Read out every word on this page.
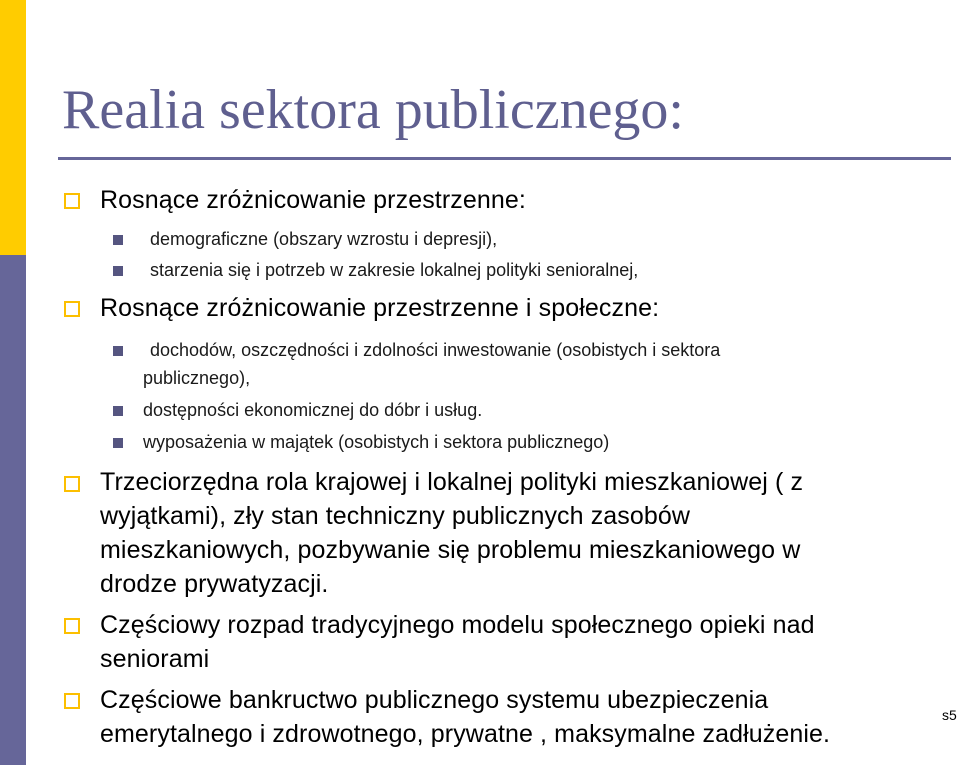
Realia sektora publicznego:
Rosnące zróżnicowanie przestrzenne:
demograficzne (obszary wzrostu i depresji),
starzenia się i potrzeb w zakresie lokalnej polityki senioralnej,
Rosnące zróżnicowanie przestrzenne i społeczne:
dochodów, oszczędności i zdolności inwestowanie (osobistych i sektora
publicznego),
dostępności ekonomicznej do dóbr i usług.
wyposażenia w majątek (osobistych i sektora publicznego)
Trzeciorzędna rola krajowej i lokalnej polityki mieszkaniowej ( z
wyjątkami), zły stan techniczny publicznych zasobów
mieszkaniowych, pozbywanie się problemu mieszkaniowego w
drodze prywatyzacji.
Częściowy rozpad tradycyjnego modelu społecznego opieki nad
seniorami
Częściowe bankructwo publicznego systemu ubezpieczenia
emerytalnego i zdrowotnego, prywatne , maksymalne zadłużenie.
s5
